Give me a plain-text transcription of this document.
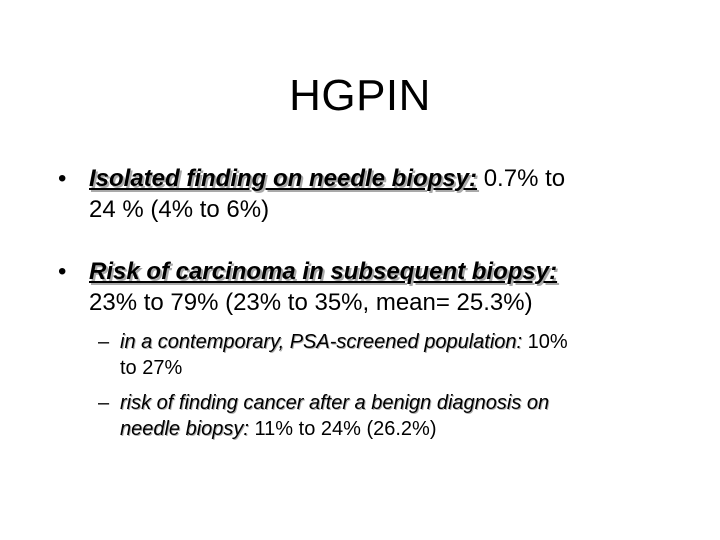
HGPIN
• Isolated finding on needle biopsy: 0.7% to
24 % (4% to 6%)
• Risk of carcinoma in subsequent biopsy:
23% to 79% (23% to 35%, mean= 25.3%)
– in a contemporary, PSA-screened population: 10%
to 27%
– risk of finding cancer after a benign diagnosis on
needle biopsy: 11% to 24% (26.2%)
